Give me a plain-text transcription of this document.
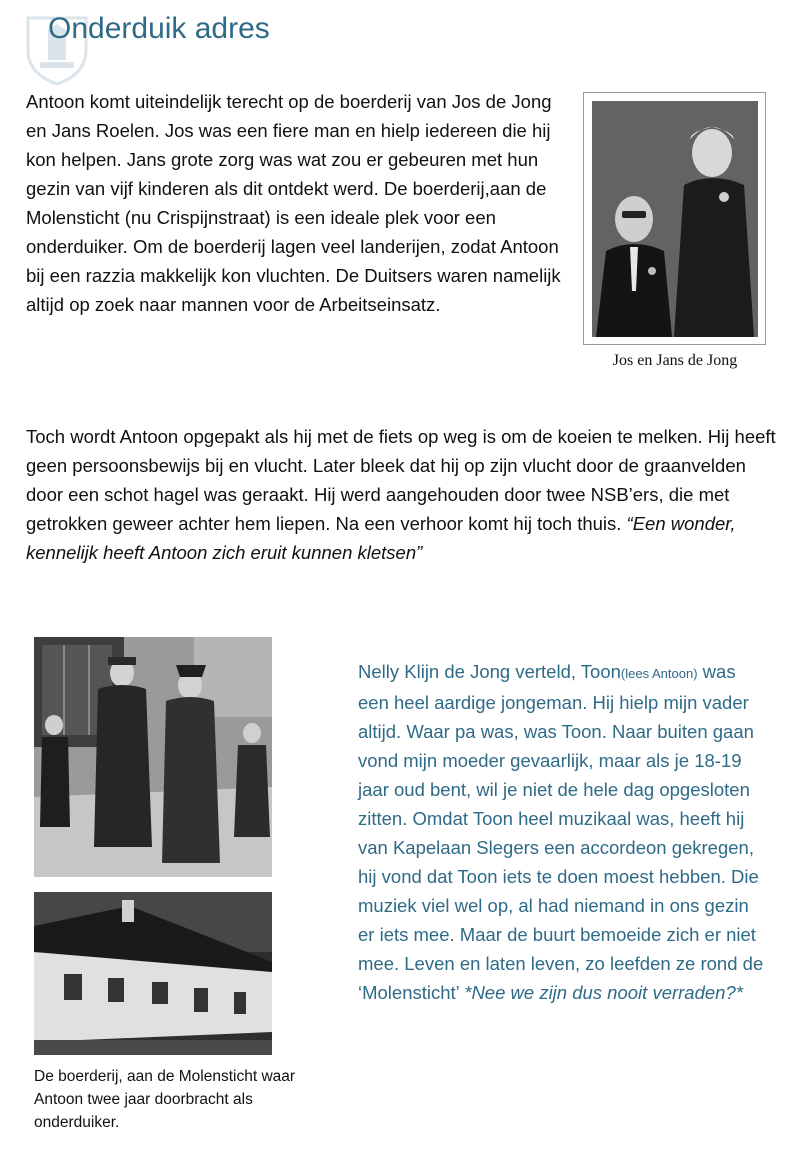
Onderduik adres
Antoon komt uiteindelijk terecht op de boerderij van Jos de Jong en Jans Roelen. Jos was een fiere man en hielp iedereen die hij kon helpen. Jans grote zorg was wat zou er gebeuren met hun gezin van vijf kinderen als dit ontdekt werd. De boerderij,aan de Molensticht (nu Crispijnstraat) is een ideale plek voor een onderduiker. Om de boerderij lagen veel landerijen, zodat Antoon bij een razzia makkelijk kon vluchten. De Duitsers waren namelijk altijd op zoek naar mannen voor de Arbeitseinsatz.
Jos en Jans de Jong
Toch wordt Antoon opgepakt als hij met de fiets op weg is om de koeien te melken. Hij heeft geen persoonsbewijs bij en vlucht. Later bleek dat hij op zijn vlucht door de graanvelden door een schot hagel was geraakt. Hij werd aangehouden door twee NSB’ers, die met getrokken geweer achter hem liepen. Na een verhoor komt hij toch thuis. “Een wonder, kennelijk heeft Antoon zich eruit kunnen kletsen”
De boerderij, aan de Molensticht waar Antoon twee jaar doorbracht als onderduiker.
Nelly Klijn de Jong verteld, Toon(lees Antoon) was een heel aardige jongeman. Hij hielp mijn vader altijd. Waar pa was, was Toon. Naar buiten gaan vond mijn moeder gevaarlijk, maar als je 18-19 jaar oud bent, wil je niet de hele dag opgesloten zitten. Omdat Toon heel muzikaal was, heeft hij van Kapelaan Slegers een accordeon gekregen, hij vond dat Toon iets te doen moest hebben. Die muziek viel wel op, al had niemand in ons gezin er iets mee. Maar de buurt bemoeide zich er niet mee. Leven en laten leven, zo leefden ze rond de ‘Molensticht’ *Nee we zijn dus nooit verraden?*
